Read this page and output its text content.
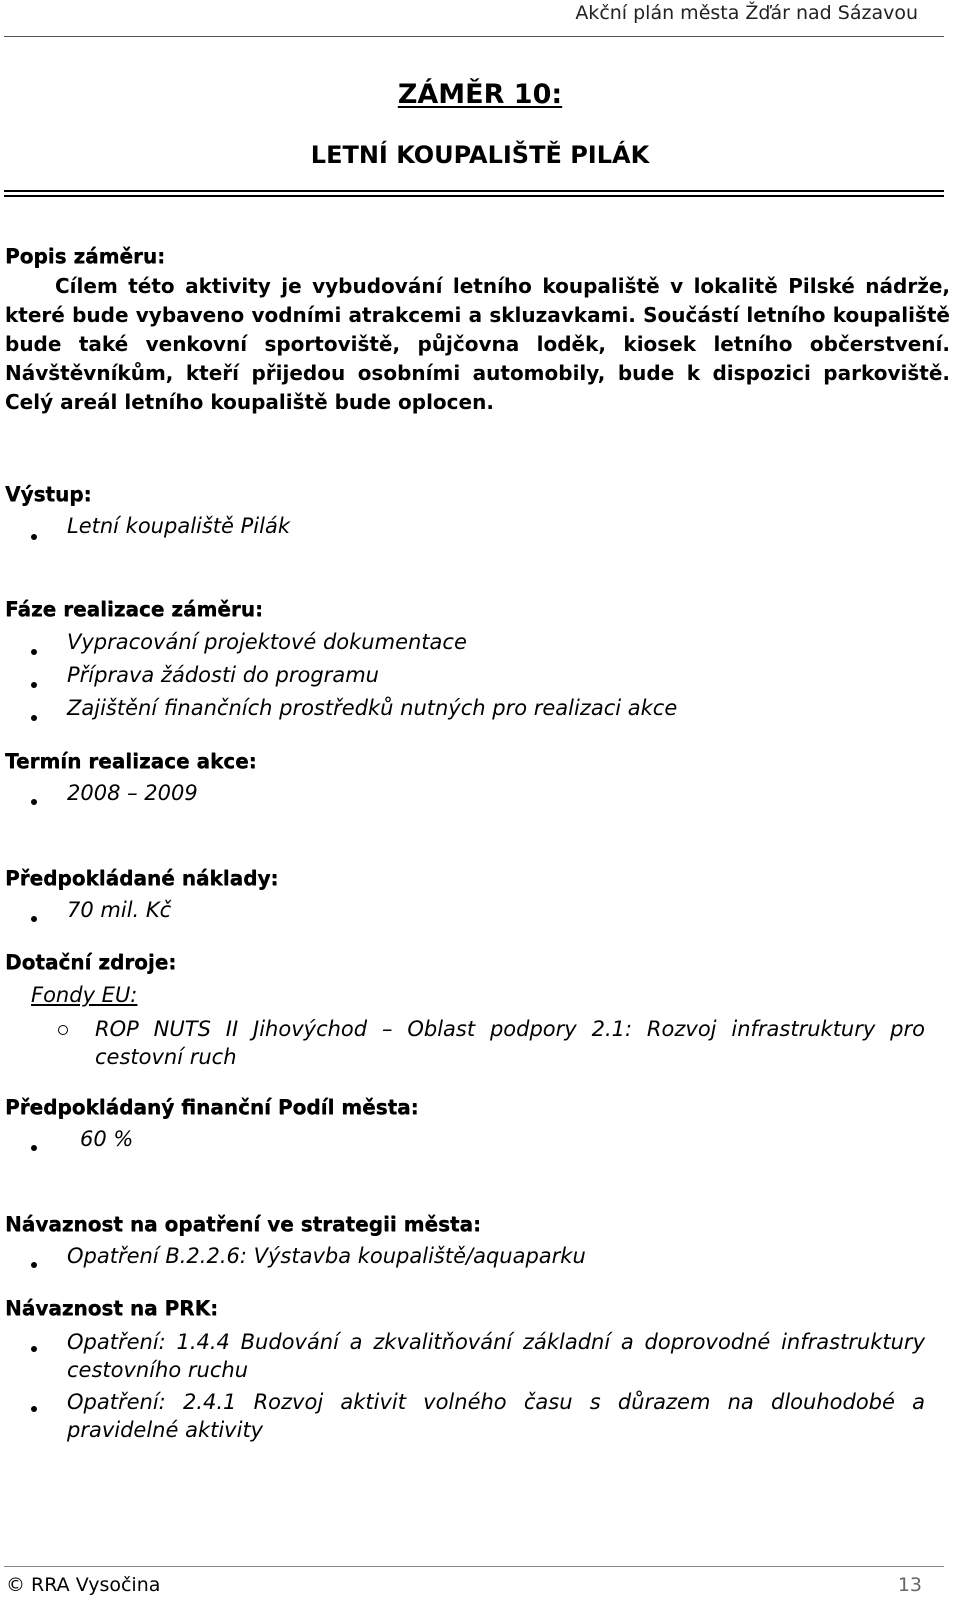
Akční plán města Žďár nad Sázavou
ZÁMĚR 10:
LETNÍ KOUPALIŠTĚ PILÁK
Popis záměru:

Cílem této aktivity je vybudování letního koupaliště v lokalitě Pilské nádrže, které bude vybaveno vodními atrakcemi a skluzavkami. Součástí letního koupaliště bude také venkovní sportoviště, půjčovna loděk, kiosek letního občerstvení. Návštěvníkům, kteří přijedou osobními automobily, bude k dispozici parkoviště. Celý areál letního koupaliště bude oplocen.

Výstup:
Letní koupaliště Pilák
Fáze realizace záměru:
Vypracování projektové dokumentace
Příprava žádosti do programu
Zajištění finančních prostředků nutných pro realizaci akce
Termín realizace akce:
2008 – 2009
Předpokládané náklady:
70 mil. Kč
Dotační zdroje:
Fondy EU:
ROP NUTS II Jihovýchod – Oblast podpory 2.1: Rozvoj infrastruktury pro cestovní ruch
Předpokládaný finanční Podíl města:
60 %
Návaznost na opatření ve strategii města:
Opatření B.2.2.6: Výstavba koupaliště/aquaparku
Návaznost na PRK:
Opatření: 1.4.4 Budování a zkvalitňování základní a doprovodné infrastruktury cestovního ruchu
Opatření: 2.4.1 Rozvoj aktivit volného času s důrazem na dlouhodobé a pravidelné aktivity
© RRA Vysočina	13
